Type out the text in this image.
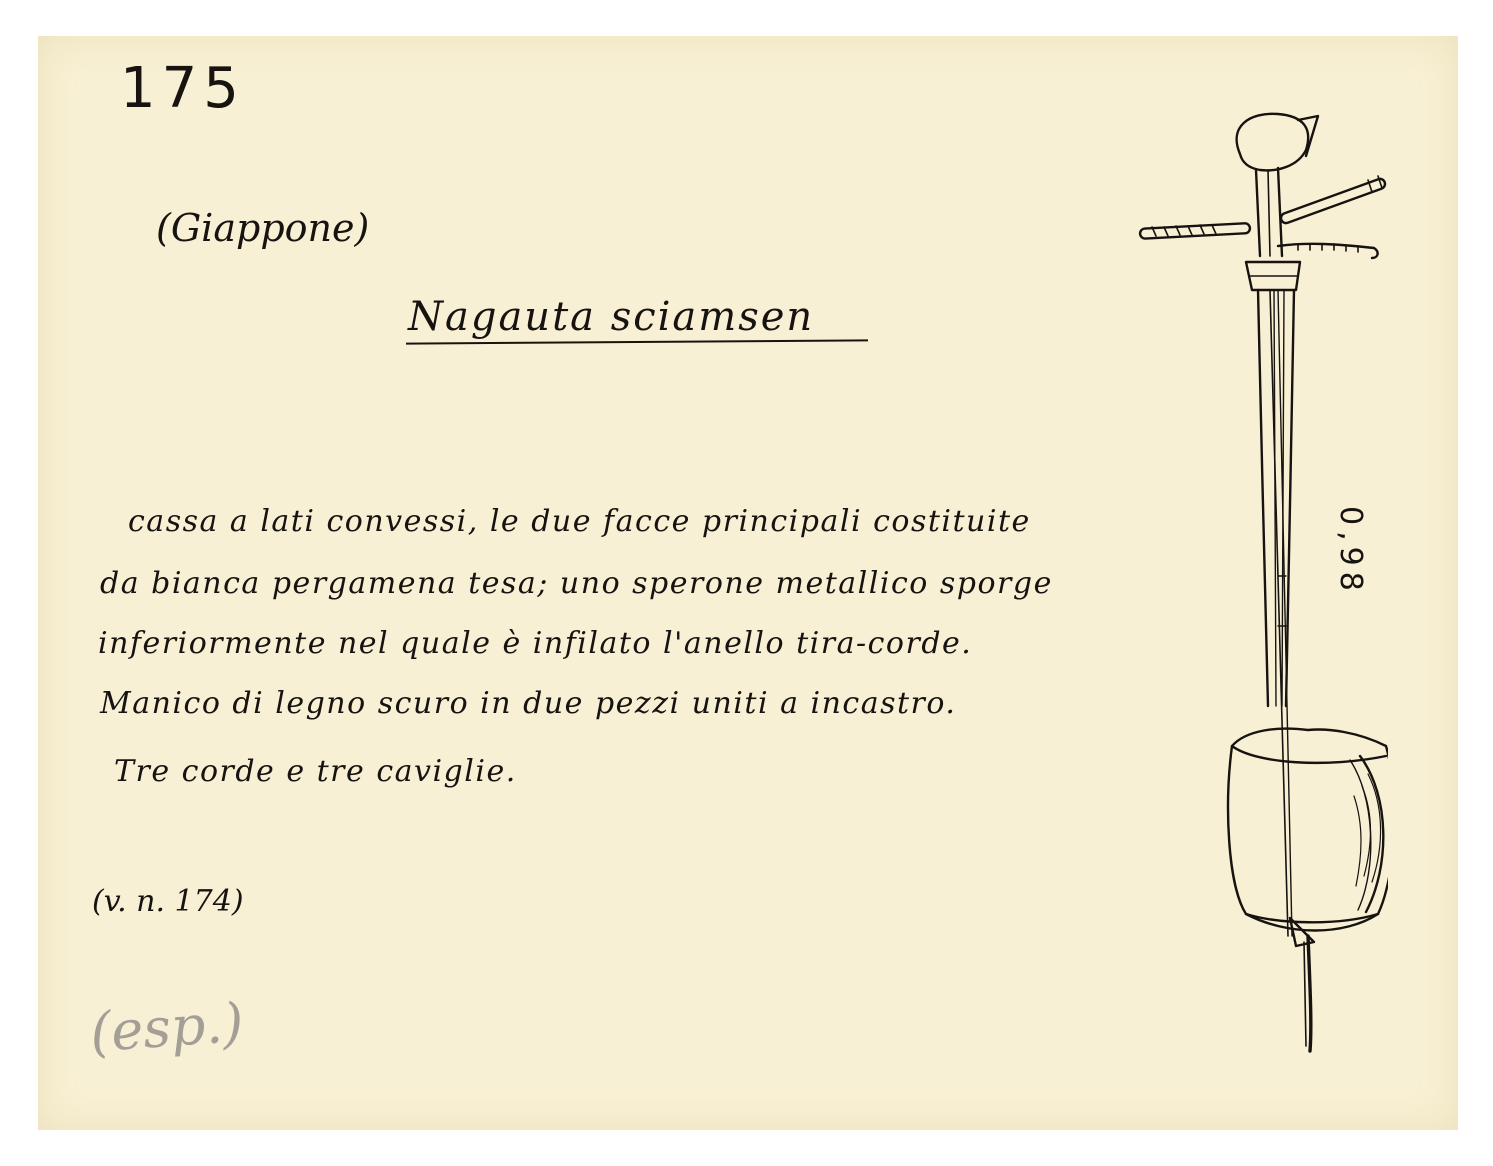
175
(Giappone)
Nagauta sciamsen
cassa a lati convessi, le due facce principali costituite
da bianca pergamena tesa; uno sperone metallico sporge
inferiormente nel quale è infilato l'anello tira-corde.
Manico di legno scuro in due pezzi uniti a incastro.
Tre corde e tre caviglie.
(v. n. 174)
(esp.)
0,98
